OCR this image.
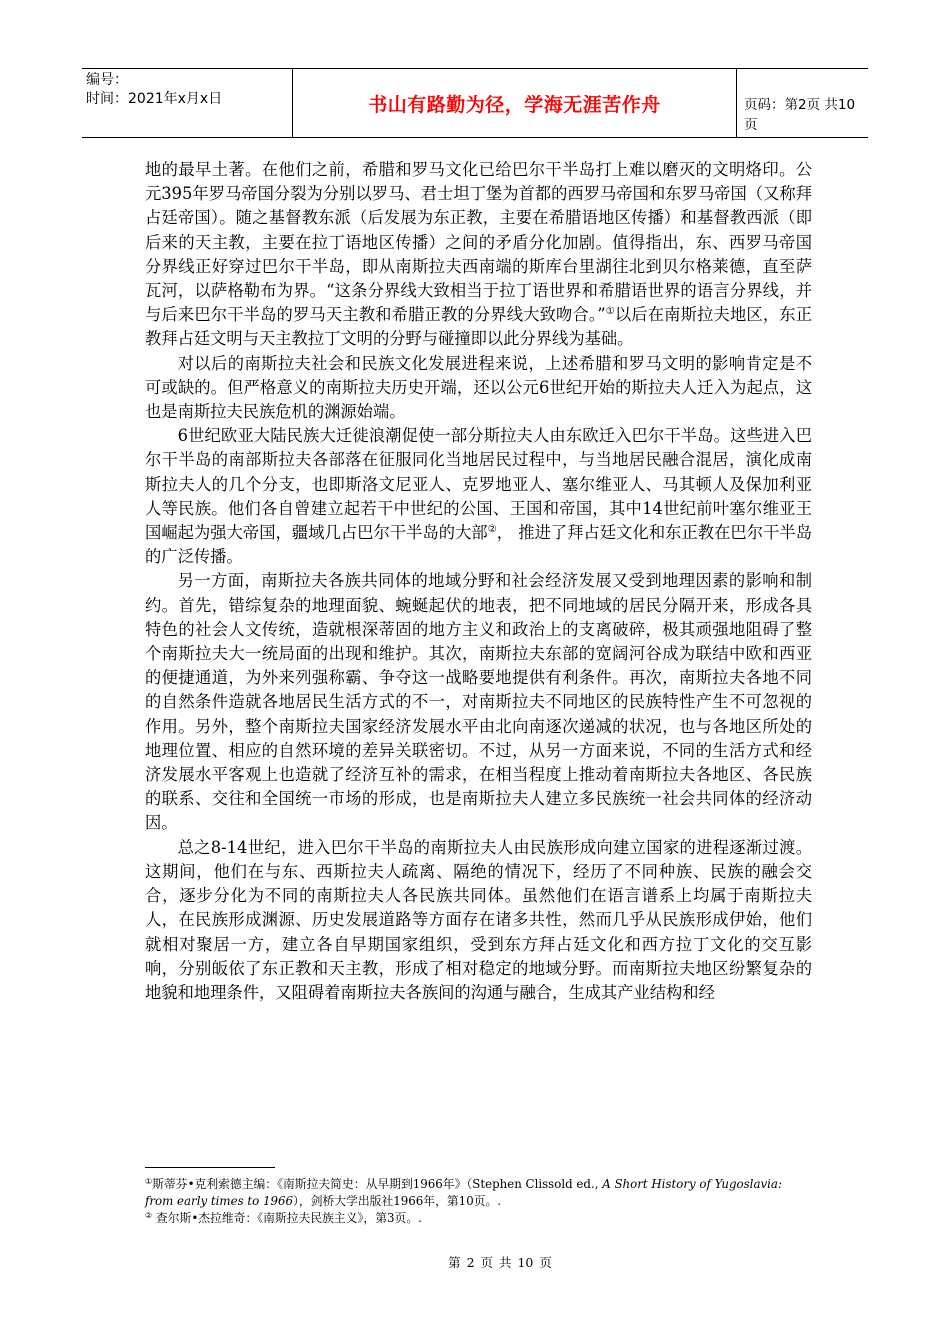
编号：
时间：2021年x月x日	书山有路勤为径，学海无涯苦作舟	页码：第2页 共10页

地的最早土著。在他们之前，希腊和罗马文化已给巴尔干半岛打上难以磨灭的文明烙印。公元395年罗马帝国分裂为分别以罗马、君士坦丁堡为首都的西罗马帝国和东罗马帝国（又称拜占廷帝国）。随之基督教东派（后发展为东正教，主要在希腊语地区传播）和基督教西派（即后来的天主教，主要在拉丁语地区传播）之间的矛盾分化加剧。值得指出，东、西罗马帝国分界线正好穿过巴尔干半岛，即从南斯拉夫西南端的斯库台里湖往北到贝尔格莱德，直至萨瓦河，以萨格勒布为界。“这条分界线大致相当于拉丁语世界和希腊语世界的语言分界线，并与后来巴尔干半岛的罗马天主教和希腊正教的分界线大致吻合。”①以后在南斯拉夫地区，东正教拜占廷文明与天主教拉丁文明的分野与碰撞即以此分界线为基础。

对以后的南斯拉夫社会和民族文化发展进程来说，上述希腊和罗马文明的影响肯定是不可或缺的。但严格意义的南斯拉夫历史开端，还以公元6世纪开始的斯拉夫人迁入为起点，这也是南斯拉夫民族危机的渊源始端。

6世纪欧亚大陆民族大迁徙浪潮促使一部分斯拉夫人由东欧迁入巴尔干半岛。这些进入巴尔干半岛的南部斯拉夫各部落在征服同化当地居民过程中，与当地居民融合混居，演化成南斯拉夫人的几个分支，也即斯洛文尼亚人、克罗地亚人、塞尔维亚人、马其顿人及保加利亚人等民族。他们各自曾建立起若干中世纪的公国、王国和帝国，其中14世纪前叶塞尔维亚王国崛起为强大帝国，疆域几占巴尔干半岛的大部②， 推进了拜占廷文化和东正教在巴尔干半岛的广泛传播。

另一方面，南斯拉夫各族共同体的地域分野和社会经济发展又受到地理因素的影响和制约。首先，错综复杂的地理面貌、蜿蜒起伏的地表，把不同地域的居民分隔开来，形成各具特色的社会人文传统，造就根深蒂固的地方主义和政治上的支离破碎，极其顽强地阻碍了整个南斯拉夫大一统局面的出现和维护。其次，南斯拉夫东部的宽阔河谷成为联结中欧和西亚的便捷通道，为外来列强称霸、争夺这一战略要地提供有利条件。再次，南斯拉夫各地不同的自然条件造就各地居民生活方式的不一，对南斯拉夫不同地区的民族特性产生不可忽视的作用。另外，整个南斯拉夫国家经济发展水平由北向南逐次递减的状况，也与各地区所处的地理位置、相应的自然环境的差异关联密切。不过，从另一方面来说，不同的生活方式和经济发展水平客观上也造就了经济互补的需求，在相当程度上推动着南斯拉夫各地区、各民族的联系、交往和全国统一市场的形成，也是南斯拉夫人建立多民族统一社会共同体的经济动因。

总之8-14世纪，进入巴尔干半岛的南斯拉夫人由民族形成向建立国家的进程逐渐过渡。这期间，他们在与东、西斯拉夫人疏离、隔绝的情况下，经历了不同种族、民族的融会交合，逐步分化为不同的南斯拉夫人各民族共同体。虽然他们在语言谱系上均属于南斯拉夫人，在民族形成渊源、历史发展道路等方面存在诸多共性，然而几乎从民族形成伊始，他们就相对聚居一方，建立各自早期国家组织，受到东方拜占廷文化和西方拉丁文化的交互影响，分别皈依了东正教和天主教，形成了相对稳定的地域分野。而南斯拉夫地区纷繁复杂的地貌和地理条件，又阻碍着南斯拉夫各族间的沟通与融合，生成其产业结构和经

①斯蒂芬•克利索德主编：《南斯拉夫简史：从早期到1966年》（Stephen Clissold ed., A Short History of Yugoslavia: from early times to 1966），剑桥大学出版社1966年，第10页。.

② 查尔斯•杰拉维奇：《南斯拉夫民族主义》，第3页。.

第 2 页 共 10 页
